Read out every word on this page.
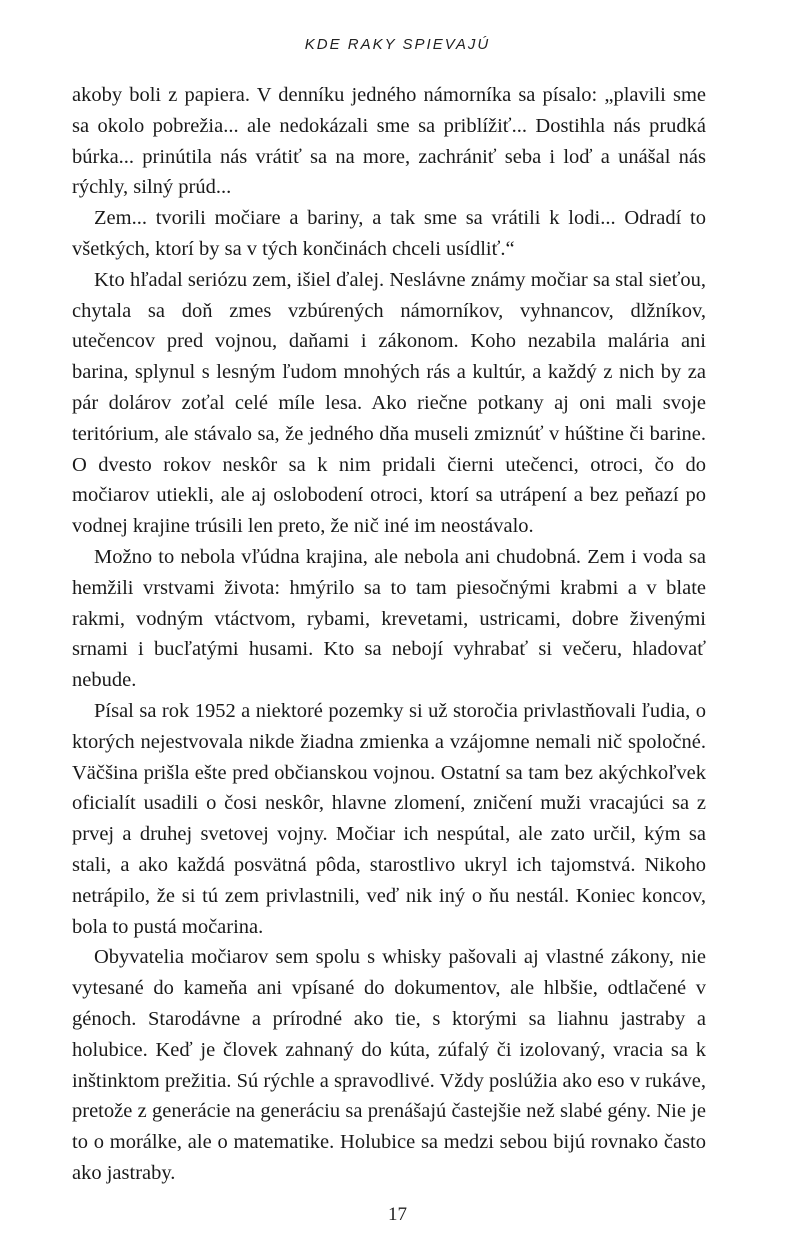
KDE RAKY SPIEVAJÚ

akoby boli z papiera. V denníku jedného námorníka sa písalo: „plavili sme sa okolo pobrežia... ale nedokázali sme sa priblížiť... Dostihla nás prudká búrka... prinútila nás vrátiť sa na more, zachrániť seba i loď a unášal nás rýchly, silný prúd...

Zem... tvorili močiare a bariny, a tak sme sa vrátili k lodi... Odradí to všetkých, ktorí by sa v tých končinách chceli usídliť.“

Kto hľadal seriózu zem, išiel ďalej. Neslávne známy močiar sa stal sieťou, chytala sa doň zmes vzbúrených námorníkov, vyhnancov, dlžníkov, utečencov pred vojnou, daňami i zákonom. Koho nezabila malária ani barina, splynul s lesným ľudom mnohých rás a kultúr, a každý z nich by za pár dolárov zoťal celé míle lesa. Ako riečne potkany aj oni mali svoje teritórium, ale stávalo sa, že jedného dňa museli zmiznúť v húštine či barine. O dvesto rokov neskôr sa k nim pridali čierni utečenci, otroci, čo do močiarov utiekli, ale aj oslobodení otroci, ktorí sa utrápení a bez peňazí po vodnej krajine trúsili len preto, že nič iné im neostávalo.

Možno to nebola vľúdna krajina, ale nebola ani chudobná. Zem i voda sa hemžili vrstvami života: hmýrilo sa to tam piesočnými krabmi a v blate rakmi, vodným vtáctvom, rybami, krevetami, ustricami, dobre živenými srnami i bucľatými husami. Kto sa nebojí vyhrabať si večeru, hladovať nebude.

Písal sa rok 1952 a niektoré pozemky si už storočia privlastňovali ľudia, o ktorých nejestvovala nikde žiadna zmienka a vzájomne nemali nič spoločné. Väčšina prišla ešte pred občianskou vojnou. Ostatní sa tam bez akýchkoľvek oficialít usadili o čosi neskôr, hlavne zlomení, zničení muži vracajúci sa z prvej a druhej svetovej vojny. Močiar ich nespútal, ale zato určil, kým sa stali, a ako každá posvätná pôda, starostlivo ukryl ich tajomstvá. Nikoho netrápilo, že si tú zem privlastnili, veď nik iný o ňu nestál. Koniec koncov, bola to pustá močarina.

Obyvatelia močiarov sem spolu s whisky pašovali aj vlastné zákony, nie vytesané do kameňa ani vpísané do dokumentov, ale hlbšie, odtlačené v génoch. Starodávne a prírodné ako tie, s ktorými sa liahnu jastraby a holubice. Keď je človek zahnaný do kúta, zúfalý či izolovaný, vracia sa k inštinktom prežitia. Sú rýchle a spravodlivé. Vždy poslúžia ako eso v rukáve, pretože z generácie na generáciu sa prenášajú častejšie než slabé gény. Nie je to o morálke, ale o matematike. Holubice sa medzi sebou bijú rovnako často ako jastraby.

17
